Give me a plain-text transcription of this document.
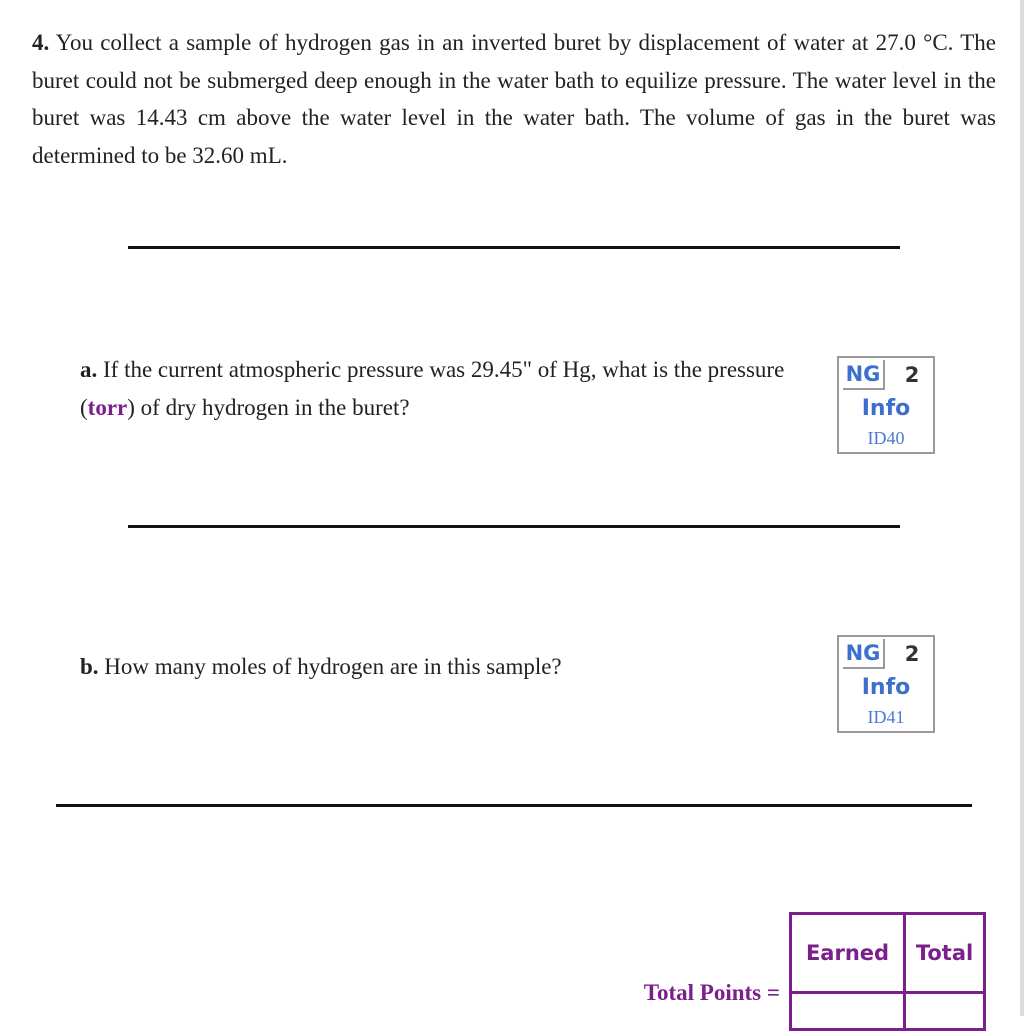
4. You collect a sample of hydrogen gas in an inverted buret by displacement of water at 27.0 °C. The buret could not be submerged deep enough in the water bath to equilize pressure. The water level in the buret was 14.43 cm above the water level in the water bath. The volume of gas in the buret was determined to be 32.60 mL.
a. If the current atmospheric pressure was 29.45" of Hg, what is the pressure (torr) of dry hydrogen in the buret?
NG	2
Info
ID40
b. How many moles of hydrogen are in this sample?
NG	2
Info
ID41
Total Points =
Earned	Total
